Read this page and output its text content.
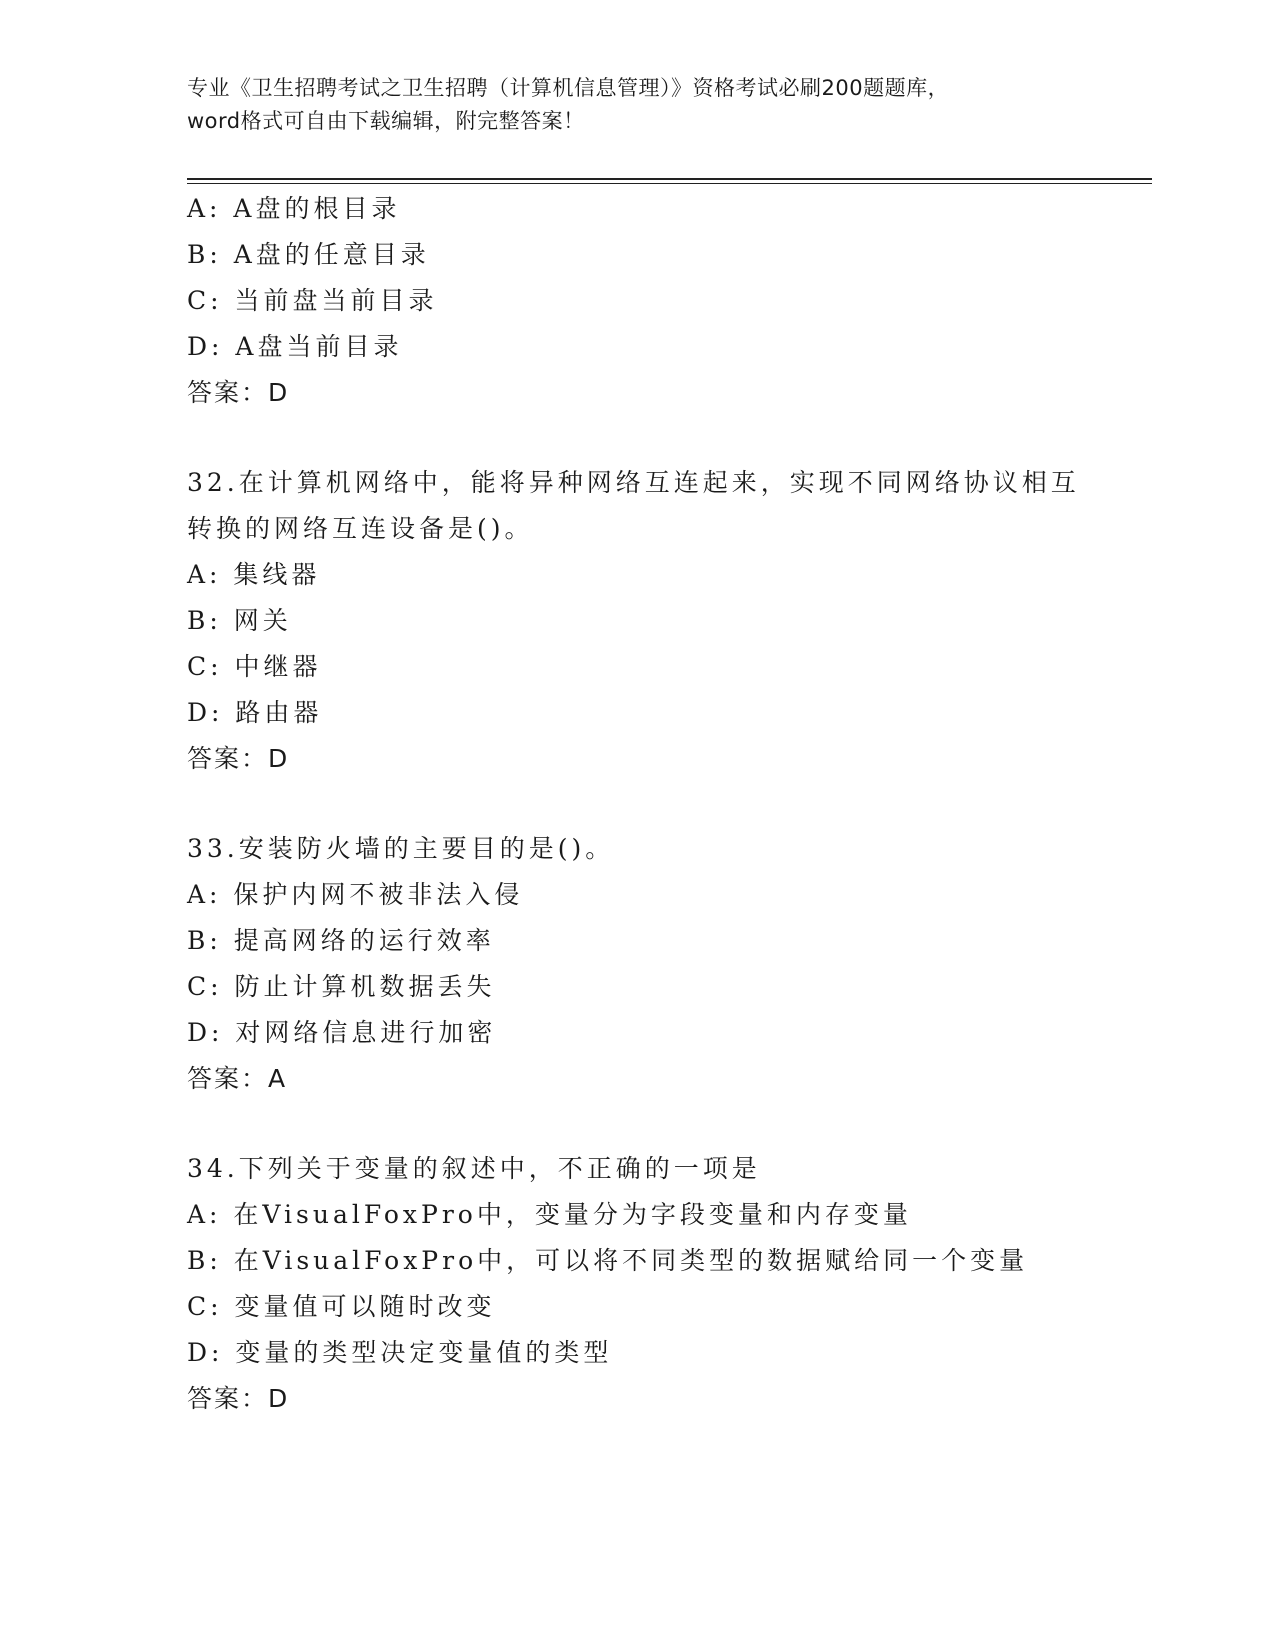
专业《卫生招聘考试之卫生招聘（计算机信息管理）》资格考试必刷200题题库，
word格式可自由下载编辑，附完整答案！
A: A盘的根目录
B: A盘的任意目录
C: 当前盘当前目录
D: A盘当前目录
答案：D
32.在计算机网络中，能将异种网络互连起来，实现不同网络协议相互
转换的网络互连设备是()。
A: 集线器
B: 网关
C: 中继器
D: 路由器
答案：D
33.安装防火墙的主要目的是()。
A: 保护内网不被非法入侵
B: 提高网络的运行效率
C: 防止计算机数据丢失
D: 对网络信息进行加密
答案：A
34.下列关于变量的叙述中，不正确的一项是
A: 在VisualFoxPro中，变量分为字段变量和内存变量
B: 在VisualFoxPro中，可以将不同类型的数据赋给同一个变量
C: 变量值可以随时改变
D: 变量的类型决定变量值的类型
答案：D
